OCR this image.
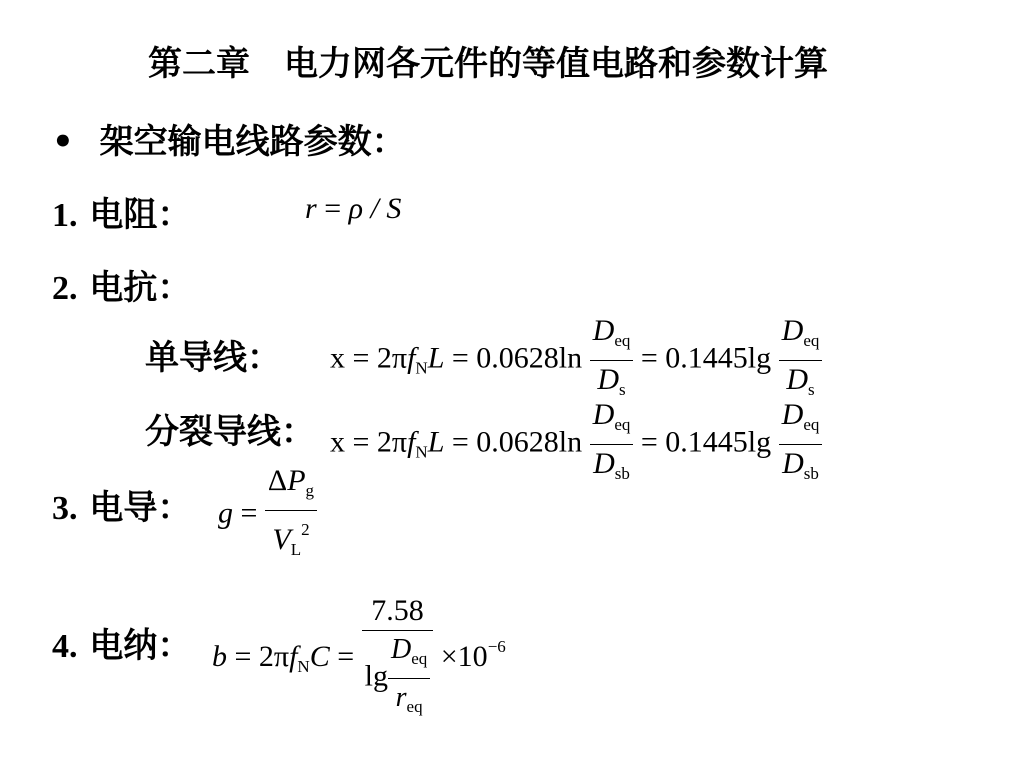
第二章　电力网各元件的等值电路和参数计算
• 架空输电线路参数：
1. 电阻：	r = ρ / S
2. 电抗：
单导线： $x = 2\pi f_NL = 0.0628\ln \frac{D_{eq}}{D_s} = 0.1445\lg \frac{D_{eq}}{D_s}$
分裂导线： $x = 2\pi f_NL = 0.0628\ln \frac{D_{eq}}{D_{sb}} = 0.1445\lg \frac{D_{eq}}{D_{sb}}$
3. 电导： $g = \frac{\Delta P_g}{V_L^2}$
4. 电纳： $b = 2\pi f_NC = \frac{7.58}{\lg \frac{D_{eq}}{r_{eq}}} \times 10^{-6}$
